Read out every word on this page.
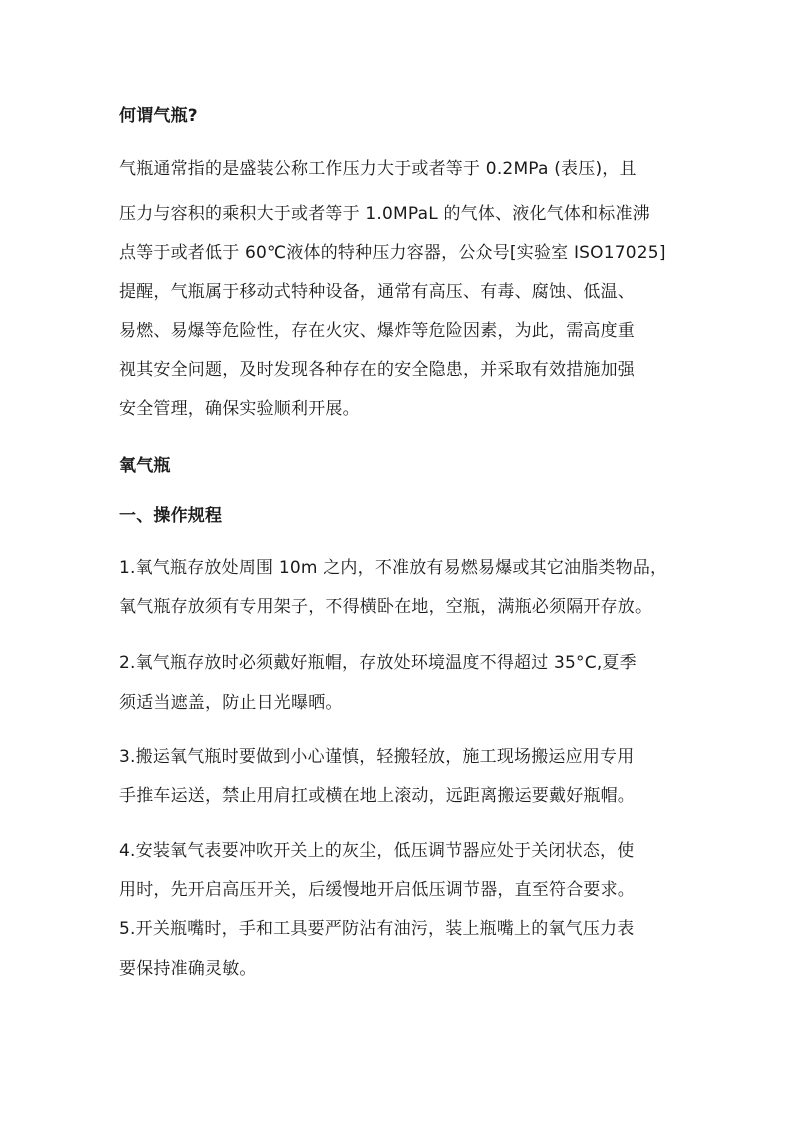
何谓气瓶?
气瓶通常指的是盛装公称工作压力大于或者等于 0.2MPa (表压)，且
压力与容积的乘积大于或者等于 1.0MPaL 的气体、液化气体和标准沸
点等于或者低于 60℃液体的特种压力容器，公众号[实验室 ISO17025]
提醒，气瓶属于移动式特种设备，通常有高压、有毒、腐蚀、低温、
易燃、易爆等危险性，存在火灾、爆炸等危险因素，为此，需高度重
视其安全问题，及时发现各种存在的安全隐患，并采取有效措施加强
安全管理，确保实验顺利开展。
氧气瓶
一、操作规程
1.氧气瓶存放处周围 10m 之内，不准放有易燃易爆或其它油脂类物品，
氧气瓶存放须有专用架子，不得横卧在地，空瓶，满瓶必须隔开存放。
2.氧气瓶存放时必须戴好瓶帽，存放处环境温度不得超过 35°C,夏季
须适当遮盖，防止日光曝晒。
3.搬运氧气瓶时要做到小心谨慎，轻搬轻放，施工现场搬运应用专用
手推车运送，禁止用肩扛或横在地上滚动，远距离搬运要戴好瓶帽。
4.安装氧气表要冲吹开关上的灰尘，低压调节器应处于关闭状态，使
用时，先开启高压开关，后缓慢地开启低压调节器，直至符合要求。
5.开关瓶嘴时，手和工具要严防沾有油污，装上瓶嘴上的氧气压力表
要保持准确灵敏。
